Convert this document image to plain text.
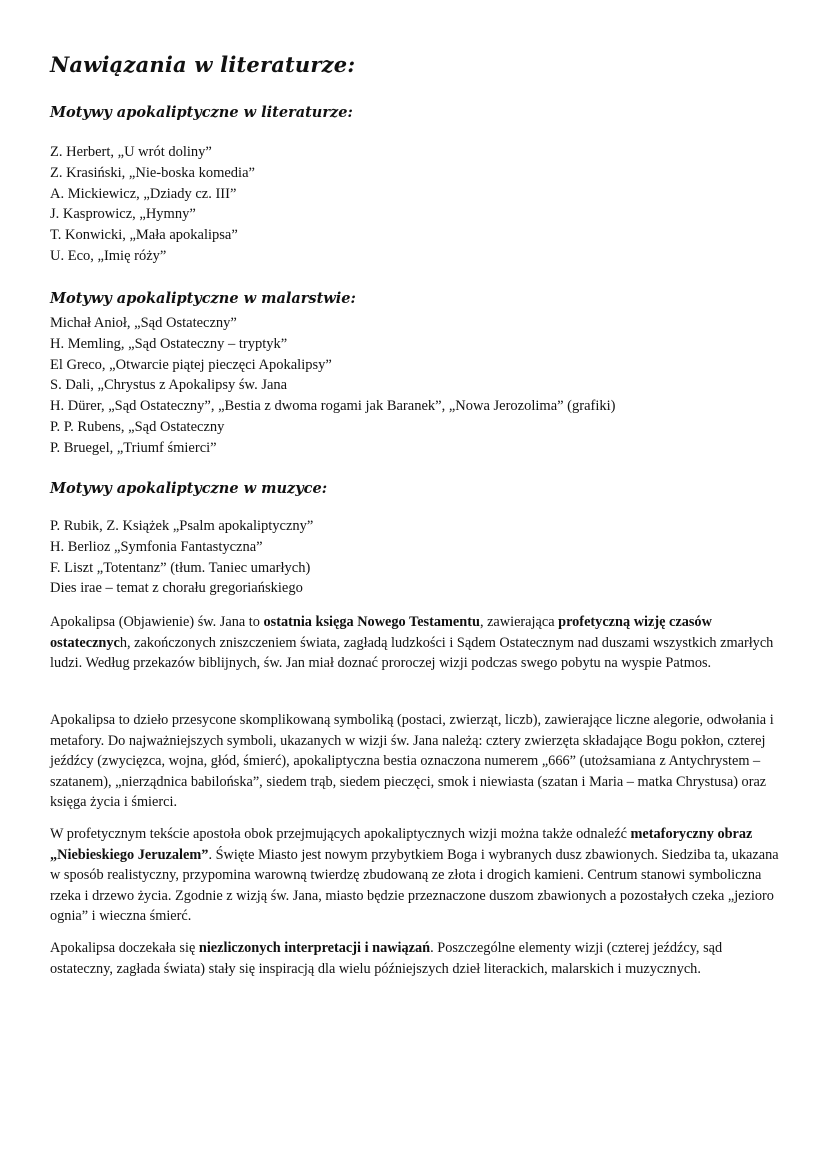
Nawiązania w literaturze:
Motywy apokaliptyczne w literaturze:
Z. Herbert, „U wrót doliny”
Z. Krasiński, „Nie-boska komedia”
A. Mickiewicz, „Dziady cz. III”
J. Kasprowicz, „Hymny”
T. Konwicki, „Mała apokalipsa”
U. Eco, „Imię róży”
Motywy apokaliptyczne w malarstwie:
Michał Anioł, „Sąd Ostateczny”
H. Memling, „Sąd Ostateczny – tryptyk”
El Greco, „Otwarcie piątej pieczęci Apokalipsy”
S. Dali, „Chrystus z Apokalipsy św. Jana
H. Dürer, „Sąd Ostateczny”, „Bestia z dwoma rogami jak Baranek”, „Nowa Jerozolima” (grafiki)
P. P. Rubens, „Sąd Ostateczny
P. Bruegel, „Triumf śmierci”
Motywy apokaliptyczne w muzyce:
P. Rubik, Z. Książek „Psalm apokaliptyczny”
H. Berlioz „Symfonia Fantastyczna”
F. Liszt „Totentanz” (tłum. Taniec umarłych)
Dies irae – temat z chorału gregoriańskiego

Apokalipsa (Objawienie) św. Jana to ostatnia księga Nowego Testamentu, zawierająca profetyczną wizję czasów ostatecznych, zakończonych zniszczeniem świata, zagładą ludzkości i Sądem Ostatecznym nad duszami wszystkich zmarłych ludzi. Według przekazów biblijnych, św. Jan miał doznać proroczej wizji podczas swego pobytu na wyspie Patmos.

Apokalipsa to dzieło przesycone skomplikowaną symboliką (postaci, zwierząt, liczb), zawierające liczne alegorie, odwołania i metafory. Do najważniejszych symboli, ukazanych w wizji św. Jana należą: cztery zwierzęta składające Bogu pokłon, czterej jeźdźcy (zwycięzca, wojna, głód, śmierć), apokaliptyczna bestia oznaczona numerem „666” (utożsamiana z Antychrystem – szatanem), „nierządnica babilońska”, siedem trąb, siedem pieczęci, smok i niewiasta (szatan i Maria – matka Chrystusa) oraz księga życia i śmierci.

W profetycznym tekście apostoła obok przejmujących apokaliptycznych wizji można także odnaleźć metaforyczny obraz „Niebieskiego Jeruzalem”. Święte Miasto jest nowym przybytkiem Boga i wybranych dusz zbawionych. Siedziba ta, ukazana w sposób realistyczny, przypomina warowną twierdzę zbudowaną ze złota i drogich kamieni. Centrum stanowi symboliczna rzeka i drzewo życia. Zgodnie z wizją św. Jana, miasto będzie przeznaczone duszom zbawionych a pozostałych czeka „jezioro ognia” i wieczna śmierć.

Apokalipsa doczekała się niezliczonych interpretacji i nawiązań. Poszczególne elementy wizji (czterej jeźdźcy, sąd ostateczny, zagłada świata) stały się inspiracją dla wielu późniejszych dzieł literackich, malarskich i muzycznych.
